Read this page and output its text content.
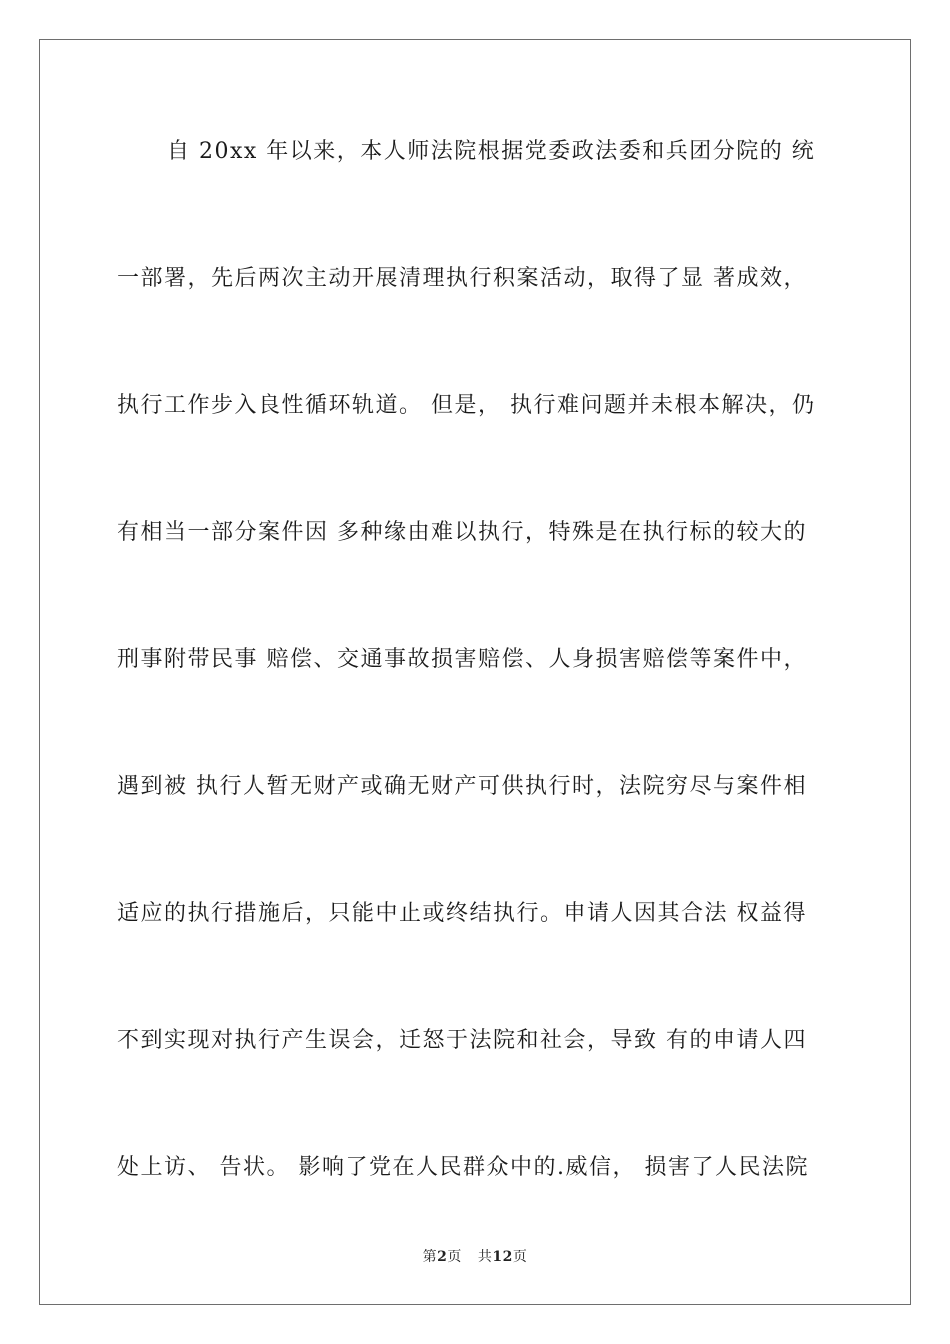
自 20xx 年以来，本人师法院根据党委政法委和兵团分院的 统
一部署，先后两次主动开展清理执行积案活动，取得了显 著成效，
执行工作步入良性循环轨道。 但是， 执行难问题并未根本解决，仍
有相当一部分案件因 多种缘由难以执行，特殊是在执行标的较大的
刑事附带民事 赔偿、交通事故损害赔偿、人身损害赔偿等案件中，
遇到被 执行人暂无财产或确无财产可供执行时，法院穷尽与案件相
适应的执行措施后，只能中止或终结执行。申请人因其合法 权益得
不到实现对执行产生误会，迁怒于法院和社会，导致 有的申请人四
处上访、 告状。 影响了党在人民群众中的.威信， 损害了人民法院
第2页 共12页
